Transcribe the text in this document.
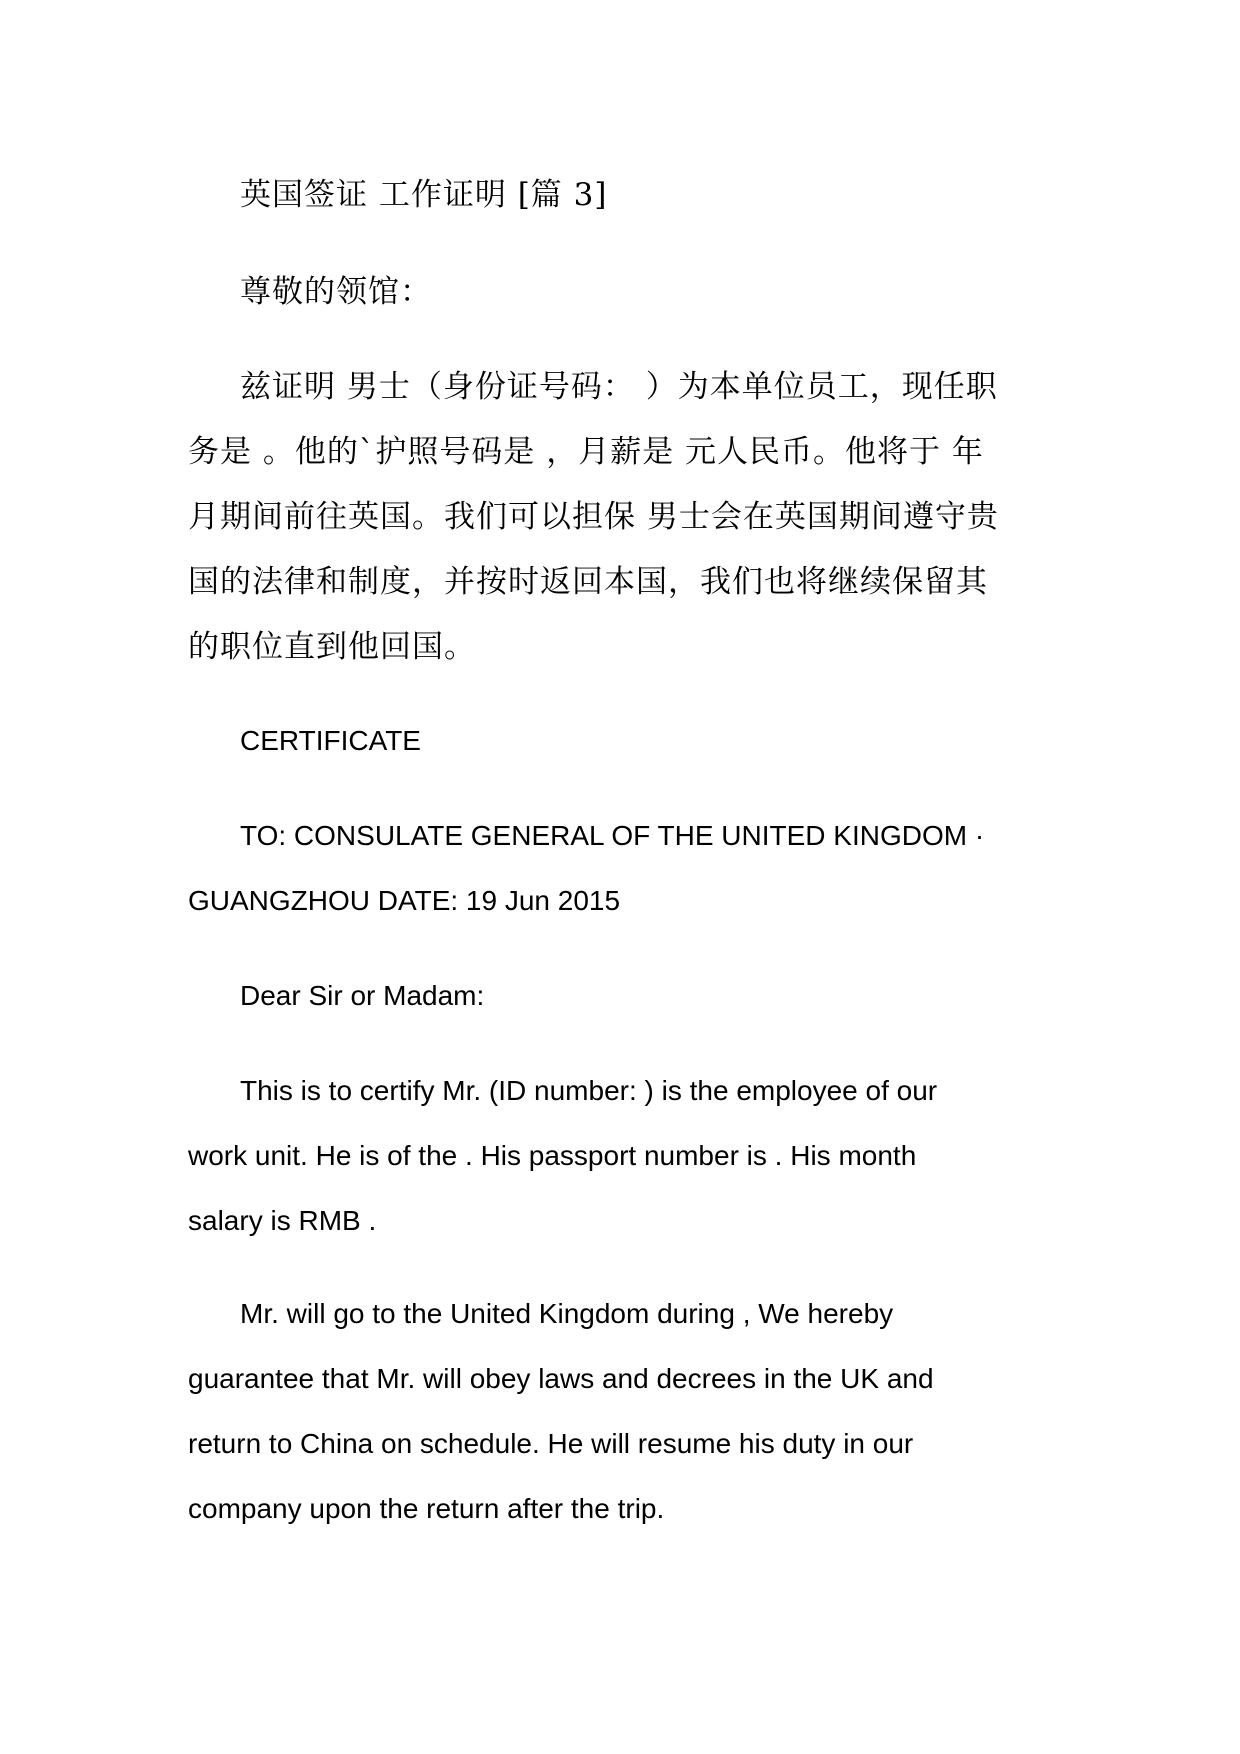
英国签证 工作证明 [篇 3]

尊敬的领馆：

兹证明 男士（身份证号码： ）为本单位员工，现任职
务是 。他的`护照号码是 ，月薪是 元人民币。他将于 年
月期间前往英国。我们可以担保 男士会在英国期间遵守贵
国的法律和制度，并按时返回本国，我们也将继续保留其
的职位直到他回国。

CERTIFICATE

TO: CONSULATE GENERAL OF THE UNITED KINGDOM ·
GUANGZHOU DATE: 19 Jun 2015

Dear Sir or Madam:

This is to certify Mr. (ID number: ) is the employee of our
work unit. He is of the . His passport number is . His month
salary is RMB .
Mr. will go to the United Kingdom during , We hereby
guarantee that Mr. will obey laws and decrees in the UK and
return to China on schedule. He will resume his duty in our
company upon the return after the trip.
